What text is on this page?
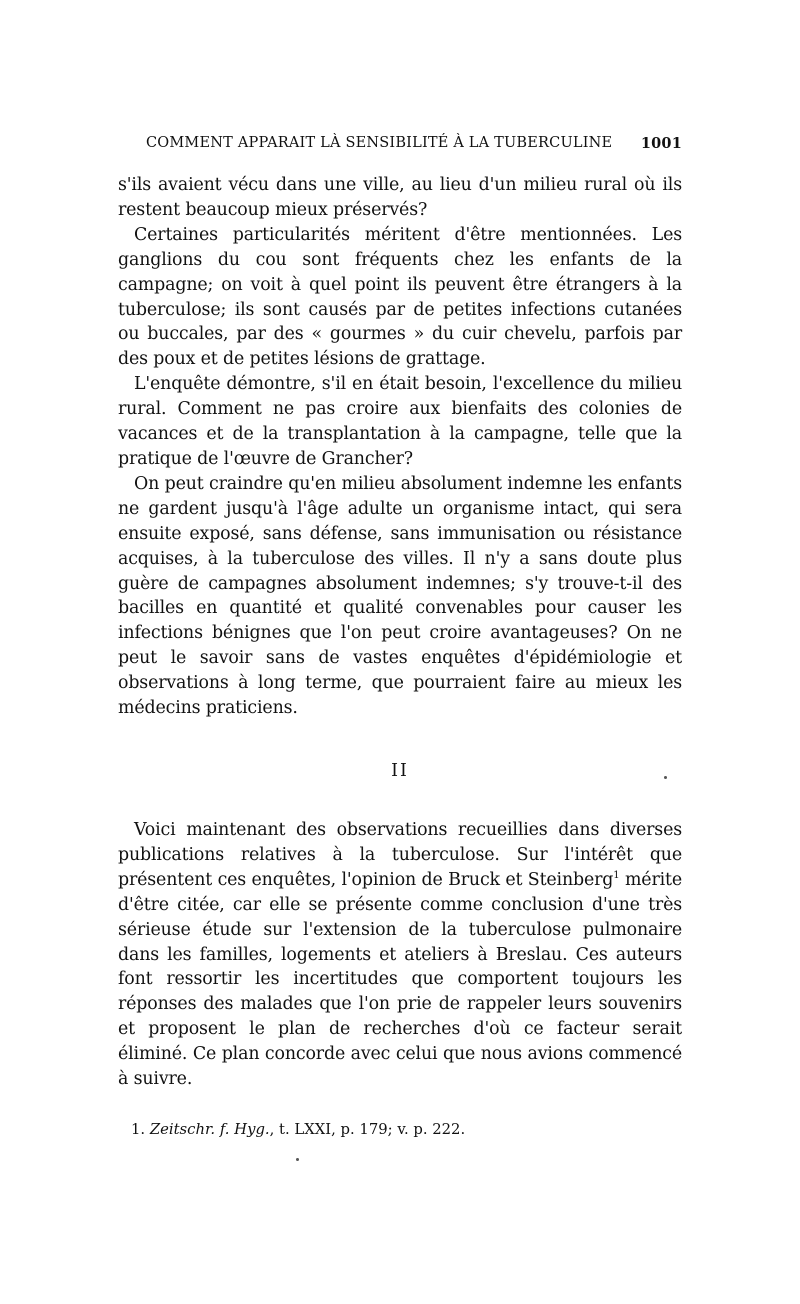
COMMENT APPARAIT LÀ SENSIBILITÉ À LA TUBERCULINE 1001

s'ils avaient vécu dans une ville, au lieu d'un milieu rural où ils restent beaucoup mieux préservés?

Certaines particularités méritent d'être mentionnées. Les ganglions du cou sont fréquents chez les enfants de la campagne; on voit à quel point ils peuvent être étrangers à la tuberculose; ils sont causés par de petites infections cutanées ou buccales, par des « gourmes » du cuir chevelu, parfois par des poux et de petites lésions de grattage.

L'enquête démontre, s'il en était besoin, l'excellence du milieu rural. Comment ne pas croire aux bienfaits des colonies de vacances et de la transplantation à la campagne, telle que la pratique de l'œuvre de Grancher?

On peut craindre qu'en milieu absolument indemne les enfants ne gardent jusqu'à l'âge adulte un organisme intact, qui sera ensuite exposé, sans défense, sans immunisation ou résistance acquises, à la tuberculose des villes. Il n'y a sans doute plus guère de campagnes absolument indemnes; s'y trouve-t-il des bacilles en quantité et qualité convenables pour causer les infections bénignes que l'on peut croire avantageuses? On ne peut le savoir sans de vastes enquêtes d'épidémiologie et observations à long terme, que pourraient faire au mieux les médecins praticiens.

II

Voici maintenant des observations recueillies dans diverses publications relatives à la tuberculose. Sur l'intérêt que présentent ces enquêtes, l'opinion de Bruck et Steinberg$^1$ mérite d'être citée, car elle se présente comme conclusion d'une très sérieuse étude sur l'extension de la tuberculose pulmonaire dans les familles, logements et ateliers à Breslau. Ces auteurs font ressortir les incertitudes que comportent toujours les réponses des malades que l'on prie de rappeler leurs souvenirs et proposent le plan de recherches d'où ce facteur serait éliminé. Ce plan concorde avec celui que nous avions commencé à suivre.

1. Zeitschr. f. Hyg., t. LXXI, p. 179; v. p. 222.
